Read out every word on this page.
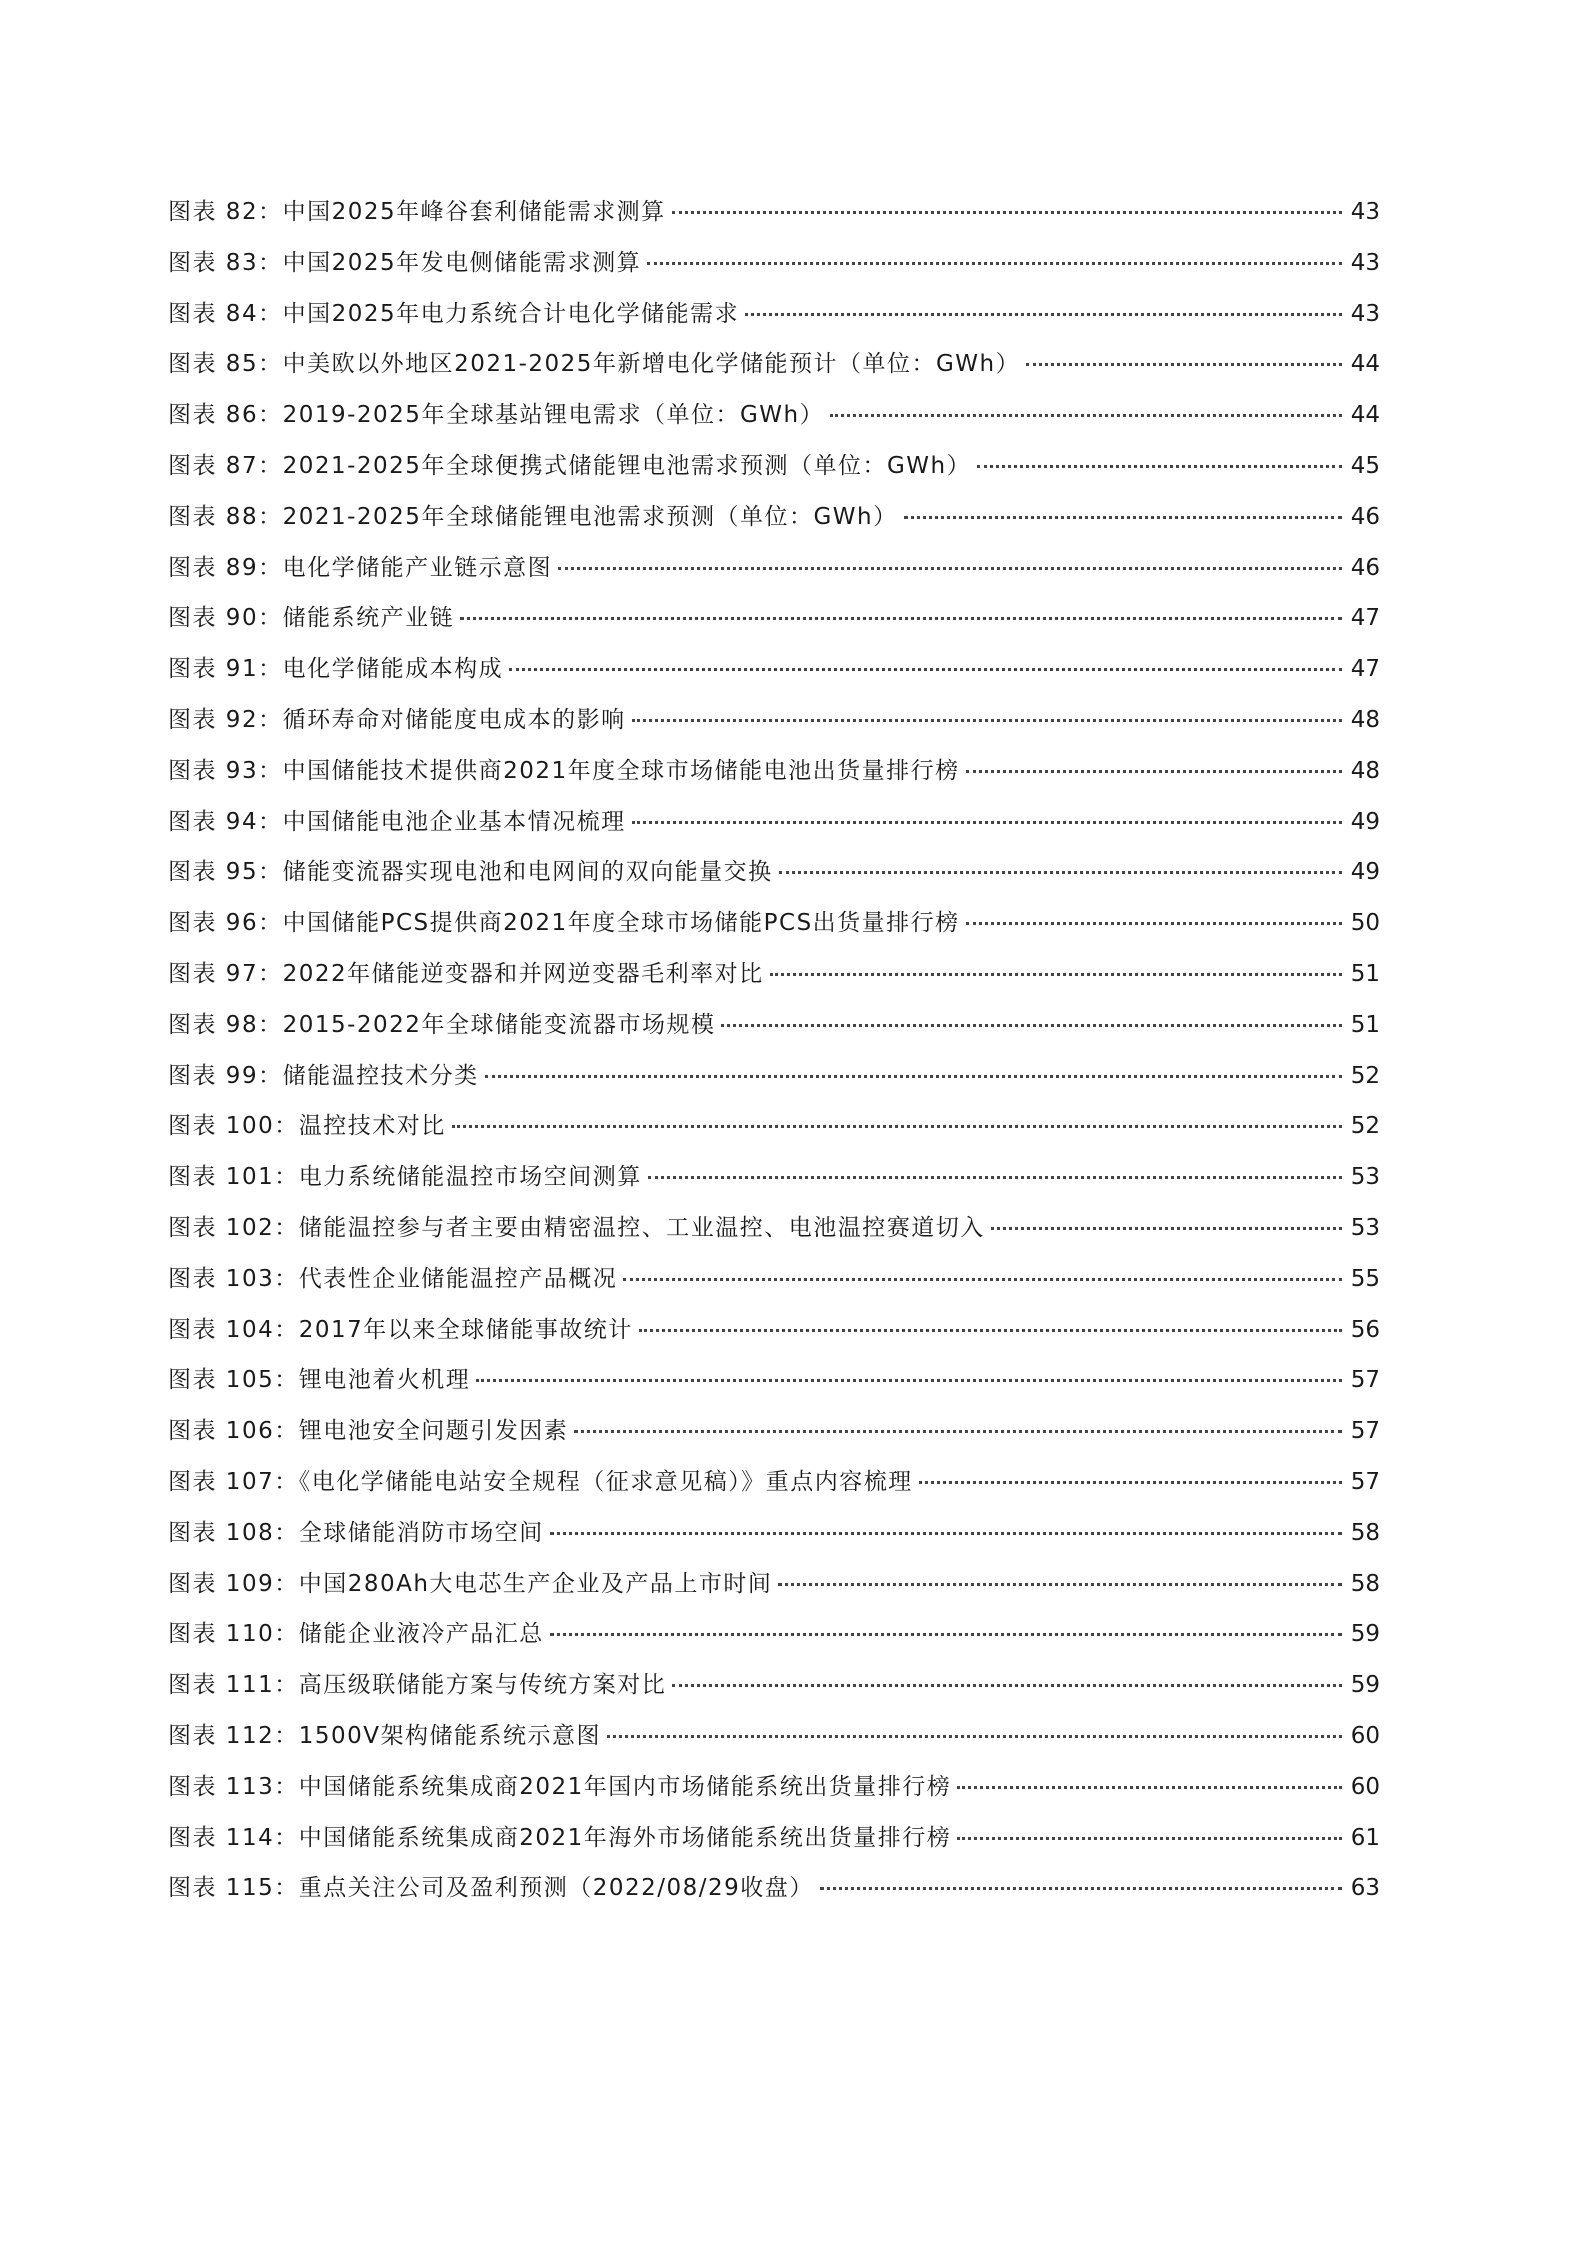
图表 82：中国2025年峰谷套利储能需求测算	43
图表 83：中国2025年发电侧储能需求测算	43
图表 84：中国2025年电力系统合计电化学储能需求	43
图表 85：中美欧以外地区2021-2025年新增电化学储能预计（单位：GWh）	44
图表 86：2019-2025年全球基站锂电需求（单位：GWh）	44
图表 87：2021-2025年全球便携式储能锂电池需求预测（单位：GWh）	45
图表 88：2021-2025年全球储能锂电池需求预测（单位：GWh）	46
图表 89：电化学储能产业链示意图	46
图表 90：储能系统产业链	47
图表 91：电化学储能成本构成	47
图表 92：循环寿命对储能度电成本的影响	48
图表 93：中国储能技术提供商2021年度全球市场储能电池出货量排行榜	48
图表 94：中国储能电池企业基本情况梳理	49
图表 95：储能变流器实现电池和电网间的双向能量交换	49
图表 96：中国储能PCS提供商2021年度全球市场储能PCS出货量排行榜	50
图表 97：2022年储能逆变器和并网逆变器毛利率对比	51
图表 98：2015-2022年全球储能变流器市场规模	51
图表 99：储能温控技术分类	52
图表 100：温控技术对比	52
图表 101：电力系统储能温控市场空间测算	53
图表 102：储能温控参与者主要由精密温控、工业温控、电池温控赛道切入	53
图表 103：代表性企业储能温控产品概况	55
图表 104：2017年以来全球储能事故统计	56
图表 105：锂电池着火机理	57
图表 106：锂电池安全问题引发因素	57
图表 107：《电化学储能电站安全规程（征求意见稿）》重点内容梳理	57
图表 108：全球储能消防市场空间	58
图表 109：中国280Ah大电芯生产企业及产品上市时间	58
图表 110：储能企业液冷产品汇总	59
图表 111：高压级联储能方案与传统方案对比	59
图表 112：1500V架构储能系统示意图	60
图表 113：中国储能系统集成商2021年国内市场储能系统出货量排行榜	60
图表 114：中国储能系统集成商2021年海外市场储能系统出货量排行榜	61
图表 115：重点关注公司及盈利预测（2022/08/29收盘）	63
